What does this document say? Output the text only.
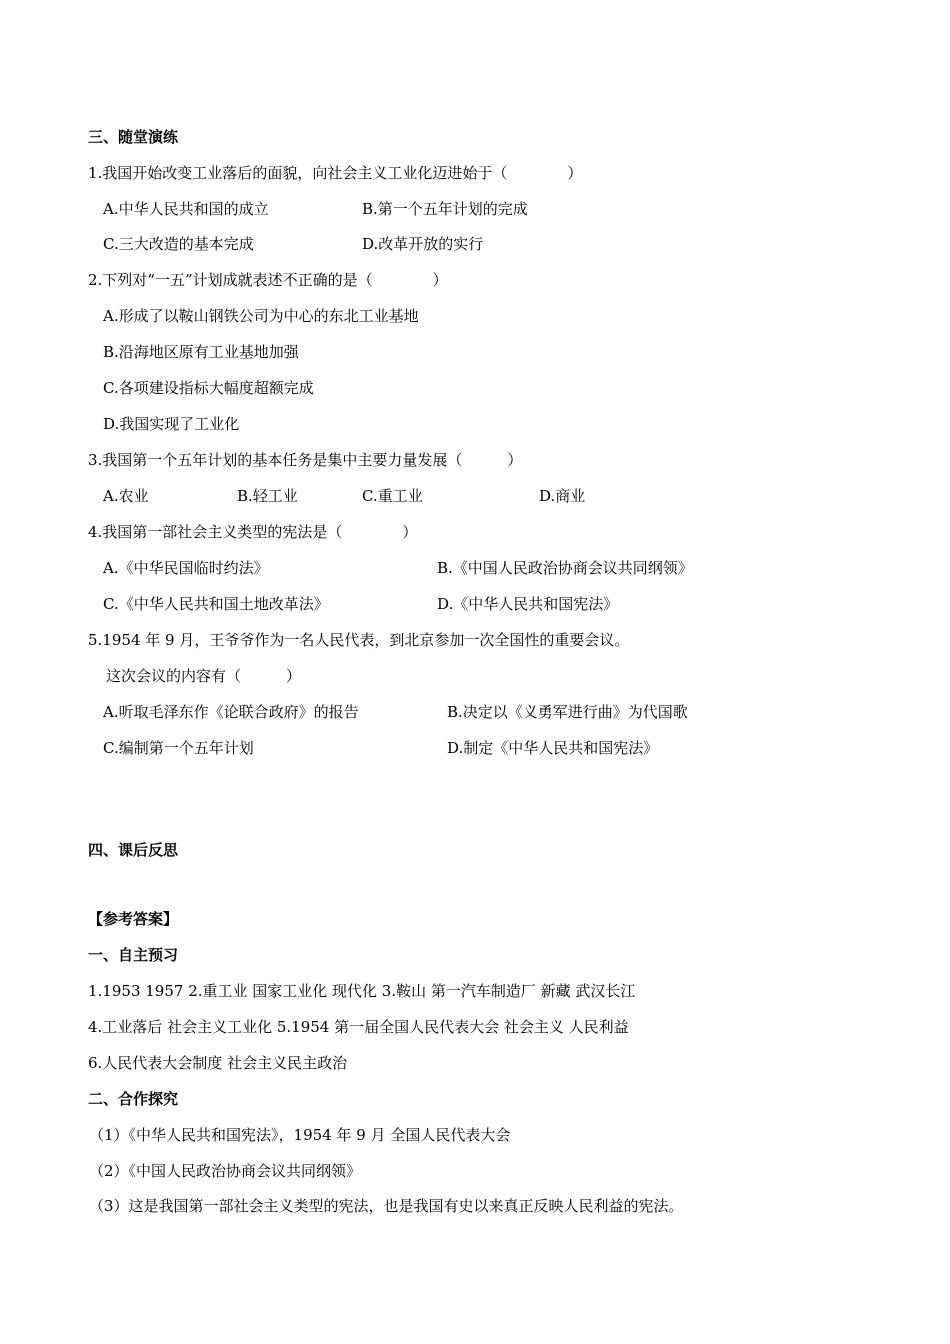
三、随堂演练
1.我国开始改变工业落后的面貌，向社会主义工业化迈进始于（　　　　）
A.中华人民共和国的成立	B.第一个五年计划的完成
C.三大改造的基本完成	D.改革开放的实行
2.下列对“一五”计划成就表述不正确的是（　　　　）
A.形成了以鞍山钢铁公司为中心的东北工业基地
B.沿海地区原有工业基地加强
C.各项建设指标大幅度超额完成
D.我国实现了工业化
3.我国第一个五年计划的基本任务是集中主要力量发展（　　　）
A.农业	B.轻工业	C.重工业	D.商业
4.我国第一部社会主义类型的宪法是（　　　　）
A.《中华民国临时约法》	B.《中国人民政治协商会议共同纲领》
C.《中华人民共和国土地改革法》	D.《中华人民共和国宪法》
5.1954 年 9 月，王爷爷作为一名人民代表，到北京参加一次全国性的重要会议。
这次会议的内容有（　　　）
A.听取毛泽东作《论联合政府》的报告	B.决定以《义勇军进行曲》为代国歌
C.编制第一个五年计划	D.制定《中华人民共和国宪法》
四、课后反思
【参考答案】
一、自主预习
1.1953 1957 2.重工业 国家工业化 现代化 3.鞍山 第一汽车制造厂 新藏 武汉长江
4.工业落后 社会主义工业化 5.1954 第一届全国人民代表大会 社会主义 人民利益
6.人民代表大会制度 社会主义民主政治
二、合作探究
（1）《中华人民共和国宪法》，1954 年 9 月 全国人民代表大会
（2）《中国人民政治协商会议共同纲领》
（3）这是我国第一部社会主义类型的宪法，也是我国有史以来真正反映人民利益的宪法。
